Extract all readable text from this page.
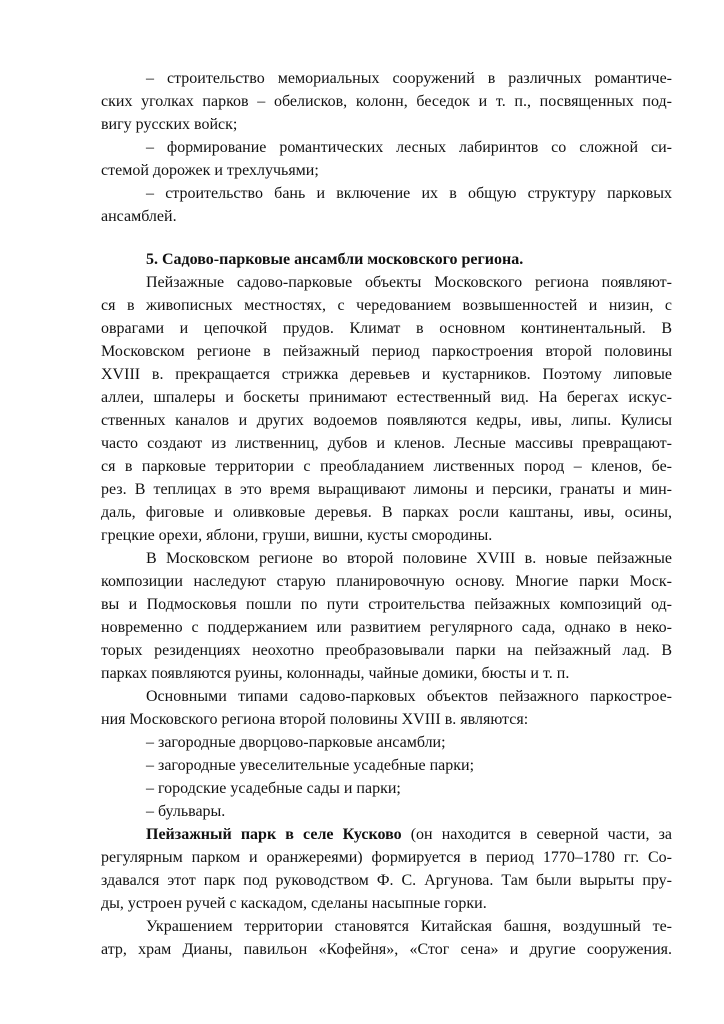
– строительство мемориальных сооружений в различных романтиче-
ских уголках парков – обелисков, колонн, беседок и т. п., посвященных под-
вигу русских войск;
– формирование романтических лесных лабиринтов со сложной си-
стемой дорожек и трехлучьями;
– строительство бань и включение их в общую структуру парковых
ансамблей.
5. Садово-парковые ансамбли московского региона.
Пейзажные садово-парковые объекты Московского региона появляют-
ся в живописных местностях, с чередованием возвышенностей и низин, с
оврагами и цепочкой прудов. Климат в основном континентальный. В
Московском регионе в пейзажный период паркостроения второй половины
XVIII в. прекращается стрижка деревьев и кустарников. Поэтому липовые
аллеи, шпалеры и боскеты принимают естественный вид. На берегах искус-
ственных каналов и других водоемов появляются кедры, ивы, липы. Кулисы
часто создают из лиственниц, дубов и кленов. Лесные массивы превращают-
ся в парковые территории с преобладанием лиственных пород – кленов, бе-
рез. В теплицах в это время выращивают лимоны и персики, гранаты и мин-
даль, фиговые и оливковые деревья. В парках росли каштаны, ивы, осины,
грецкие орехи, яблони, груши, вишни, кусты смородины.
В Московском регионе во второй половине XVIII в. новые пейзажные
композиции наследуют старую планировочную основу. Многие парки Моск-
вы и Подмосковья пошли по пути строительства пейзажных композиций од-
новременно с поддержанием или развитием регулярного сада, однако в неко-
торых резиденциях неохотно преобразовывали парки на пейзажный лад. В
парках появляются руины, колоннады, чайные домики, бюсты и т. п.
Основными типами садово-парковых объектов пейзажного паркострое-
ния Московского региона второй половины XVIII в. являются:
– загородные дворцово-парковые ансамбли;
– загородные увеселительные усадебные парки;
– городские усадебные сады и парки;
– бульвары.
Пейзажный парк в селе Кусково (он находится в северной части, за
регулярным парком и оранжереями) формируется в период 1770–1780 гг. Со-
здавался этот парк под руководством Ф. С. Аргунова. Там были вырыты пру-
ды, устроен ручей с каскадом, сделаны насыпные горки.
Украшением территории становятся Китайская башня, воздушный те-
атр, храм Дианы, павильон «Кофейня», «Стог сена» и другие сооружения.
